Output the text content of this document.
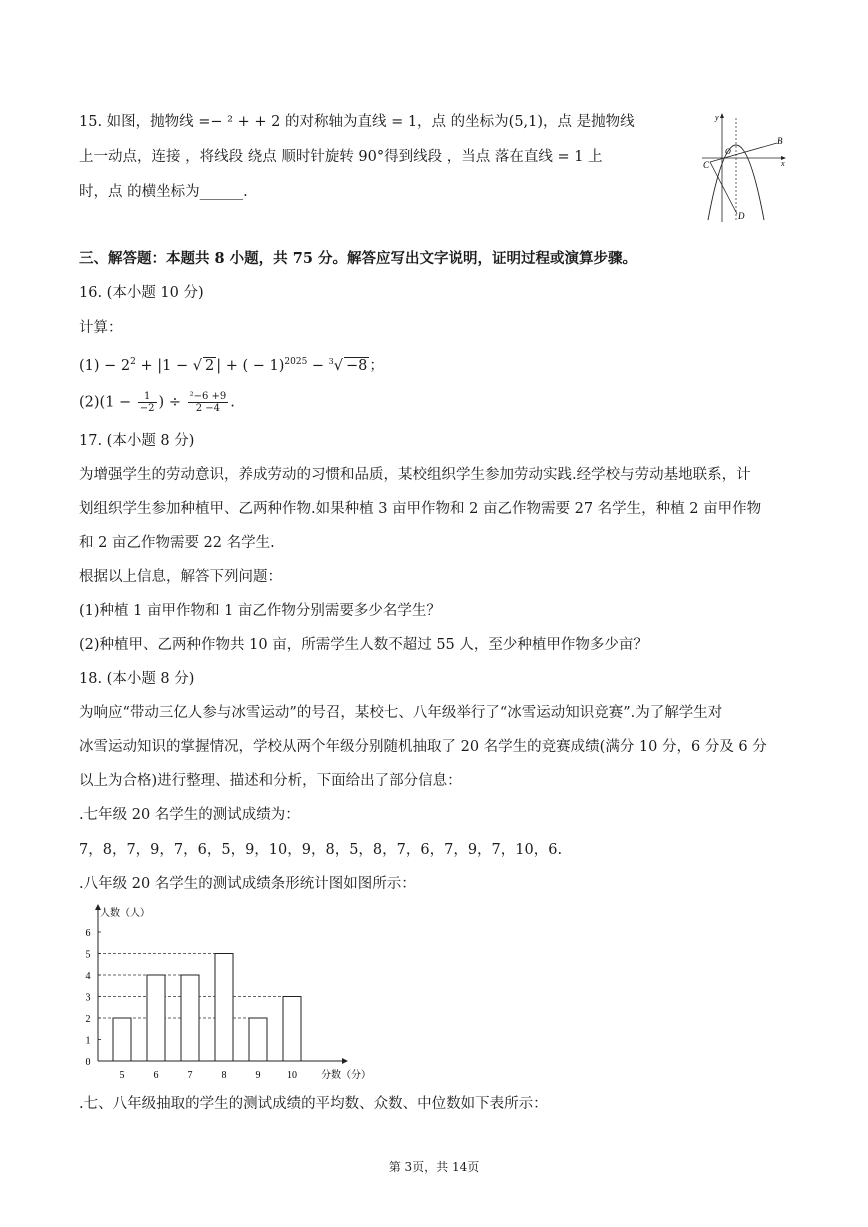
15. 如图，抛物线 =− ² + + 2 的对称轴为直线 = 1，点 的坐标为(5,1)，点 是抛物线
上一动点，连接 ，将线段 绕点 顺时针旋转 90°得到线段 ，当点 落在直线 = 1 上
时，点 的横坐标为______.
y
x
O
B
C
D
三、解答题：本题共 8 小题，共 75 分。解答应写出文字说明，证明过程或演算步骤。
16. (本小题 10 分)
计算：
$(1) - 2^2 + |1$ − √ 2 | + ( − 1)$^{2025}$ − $^3$√ −8 ；
$(2)(1 - \frac{1}{-2}$ ) ÷ $\frac{\text{²−6 +9}}{2 -4}$ .
17. (本小题 8 分)
为增强学生的劳动意识，养成劳动的习惯和品质，某校组织学生参加劳动实践.经学校与劳动基地联系，计
划组织学生参加种植甲、乙两种作物.如果种植 3 亩甲作物和 2 亩乙作物需要 27 名学生，种植 2 亩甲作物
和 2 亩乙作物需要 22 名学生.
根据以上信息，解答下列问题：
(1)种植 1 亩甲作物和 1 亩乙作物分别需要多少名学生？
(2)种植甲、乙两种作物共 10 亩，所需学生人数不超过 55 人，至少种植甲作物多少亩？
18. (本小题 8 分)
为响应“带动三亿人参与冰雪运动”的号召，某校七、八年级举行了“冰雪运动知识竞赛”.为了解学生对
冰雪运动知识的掌握情况，学校从两个年级分别随机抽取了 20 名学生的竞赛成绩(满分 10 分，6 分及 6 分
以上为合格)进行整理、描述和分析，下面给出了部分信息：
.七年级 20 名学生的测试成绩为：
7，8，7，9，7，6，5，9，10，9，8，5，8，7，6，7，9，7，10，6.
.八年级 20 名学生的测试成绩条形统计图如图所示：
0
1
2
3
4
5
6
5	6	7	8	9	10
人数（人）
分数（分）
.七、八年级抽取的学生的测试成绩的平均数、众数、中位数如下表所示：
第 3页，共 14页
